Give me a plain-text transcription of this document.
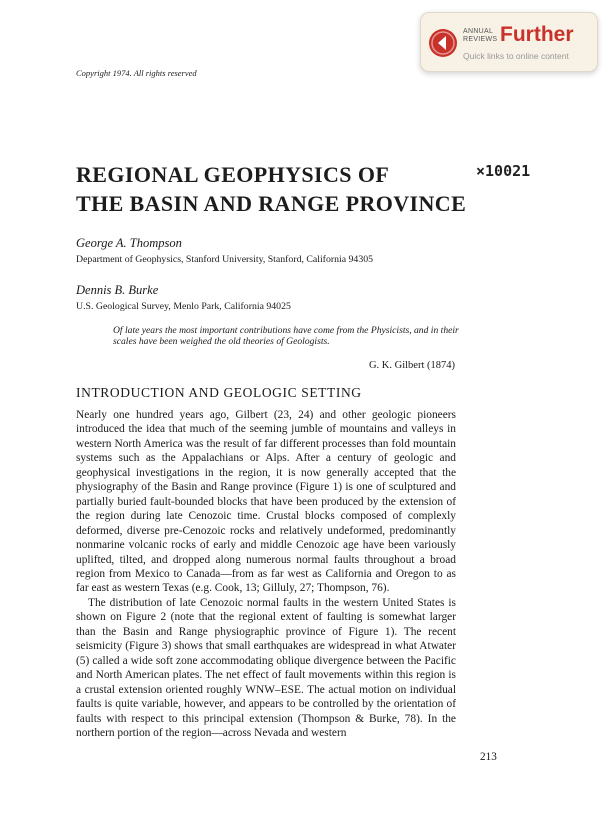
ANNUAL
REVIEWS Further
Quick links to online content
Copyright 1974. All rights reserved
REGIONAL GEOPHYSICS OF
THE BASIN AND RANGE PROVINCE
×10021
George A. Thompson
Department of Geophysics, Stanford University, Stanford, California 94305
Dennis B. Burke
U.S. Geological Survey, Menlo Park, California 94025
Of late years the most important contributions have come from the Physicists, and in their scales have been weighed the old theories of Geologists.
G. K. Gilbert (1874)
INTRODUCTION AND GEOLOGIC SETTING

Nearly one hundred years ago, Gilbert (23, 24) and other geologic pioneers introduced the idea that much of the seeming jumble of mountains and valleys in western North America was the result of far different processes than fold mountain systems such as the Appalachians or Alps. After a century of geologic and geophysical investigations in the region, it is now generally accepted that the physiography of the Basin and Range province (Figure 1) is one of sculptured and partially buried fault-bounded blocks that have been produced by the extension of the region during late Cenozoic time. Crustal blocks composed of complexly deformed, diverse pre-Cenozoic rocks and relatively undeformed, predominantly nonmarine volcanic rocks of early and middle Cenozoic age have been variously uplifted, tilted, and dropped along numerous normal faults throughout a broad region from Mexico to Canada—from as far west as California and Oregon to as far east as western Texas (e.g. Cook, 13; Gilluly, 27; Thompson, 76).

The distribution of late Cenozoic normal faults in the western United States is shown on Figure 2 (note that the regional extent of faulting is somewhat larger than the Basin and Range physiographic province of Figure 1). The recent seismicity (Figure 3) shows that small earthquakes are widespread in what Atwater (5) called a wide soft zone accommodating oblique divergence between the Pacific and North American plates. The net effect of fault movements within this region is a crustal extension oriented roughly WNW–ESE. The actual motion on individual faults is quite variable, however, and appears to be controlled by the orientation of faults with respect to this principal extension (Thompson & Burke, 78). In the northern portion of the region—across Nevada and western

213
